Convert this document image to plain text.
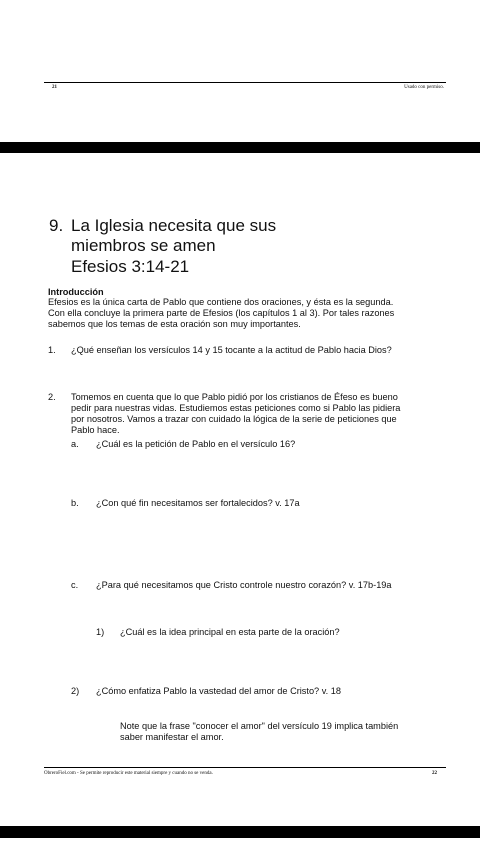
21	Usado con permiso.
9. La Iglesia necesita que sus
miembros se amen
Efesios 3:14-21
Introducción
Efesios es la única carta de Pablo que contiene dos oraciones, y ésta es la segunda.
Con ella concluye la primera parte de Efesios (los capítulos 1 al 3). Por tales razones
sabemos que los temas de esta oración son muy importantes.
1. ¿Qué enseñan los versículos 14 y 15 tocante a la actitud de Pablo hacia Dios?
2. Tomemos en cuenta que lo que Pablo pidió por los cristianos de Éfeso es bueno
pedir para nuestras vidas. Estudiemos estas peticiones como si Pablo las pidiera
por nosotros. Vamos a trazar con cuidado la lógica de la serie de peticiones que
Pablo hace.
a. ¿Cuál es la petición de Pablo en el versículo 16?
b. ¿Con qué fin necesitamos ser fortalecidos? v. 17a
c. ¿Para qué necesitamos que Cristo controle nuestro corazón? v. 17b-19a
1) ¿Cuál es la idea principal en esta parte de la oración?
2) ¿Cómo enfatiza Pablo la vastedad del amor de Cristo? v. 18
Note que la frase "conocer el amor" del versículo 19 implica también
saber manifestar el amor.
ObreroFiel.com - Se permite reproducir este material siempre y cuando no se venda.	22
